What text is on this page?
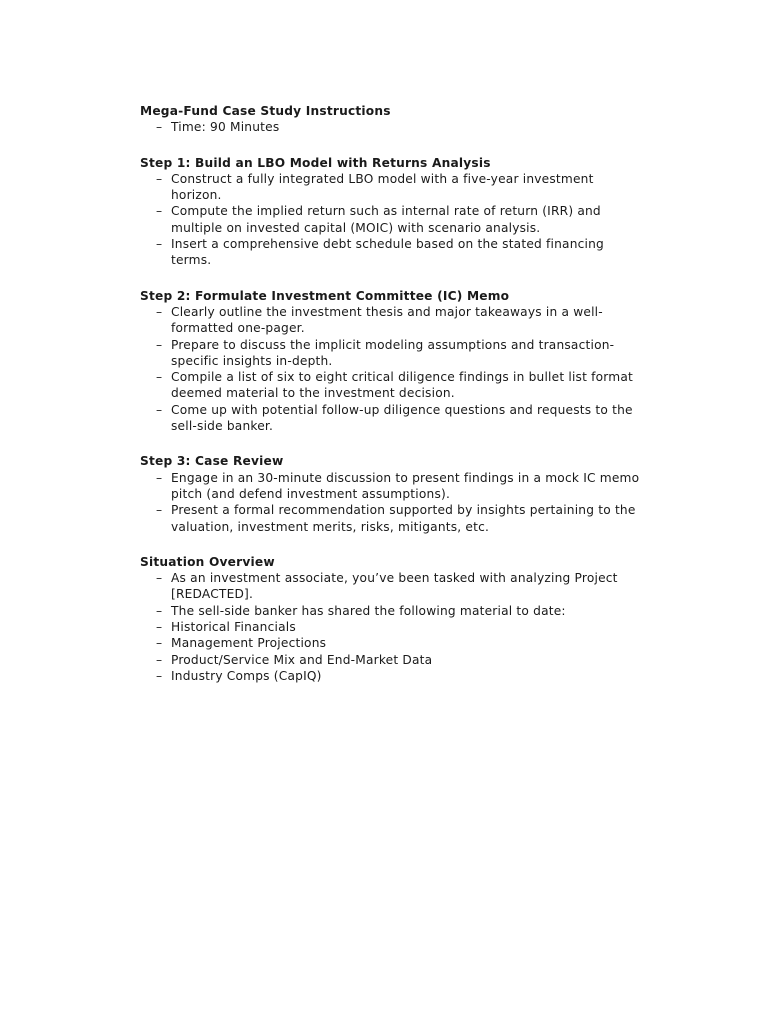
Mega-Fund Case Study Instructions

– Time: 90 Minutes

Step 1: Build an LBO Model with Returns Analysis

– Construct a fully integrated LBO model with a five-year investment horizon.
– Compute the implied return such as internal rate of return (IRR) and multiple on invested capital (MOIC) with scenario analysis.
– Insert a comprehensive debt schedule based on the stated financing terms.

Step 2: Formulate Investment Committee (IC) Memo

– Clearly outline the investment thesis and major takeaways in a well-formatted one-pager.
– Prepare to discuss the implicit modeling assumptions and transaction-specific insights in-depth.
– Compile a list of six to eight critical diligence findings in bullet list format deemed material to the investment decision.
– Come up with potential follow-up diligence questions and requests to the sell-side banker.

Step 3: Case Review

– Engage in an 30-minute discussion to present findings in a mock IC memo pitch (and defend investment assumptions).
– Present a formal recommendation supported by insights pertaining to the valuation, investment merits, risks, mitigants, etc.

Situation Overview

– As an investment associate, you’ve been tasked with analyzing Project [REDACTED].
– The sell-side banker has shared the following material to date:
– Historical Financials
– Management Projections
– Product/Service Mix and End-Market Data
– Industry Comps (CapIQ)
